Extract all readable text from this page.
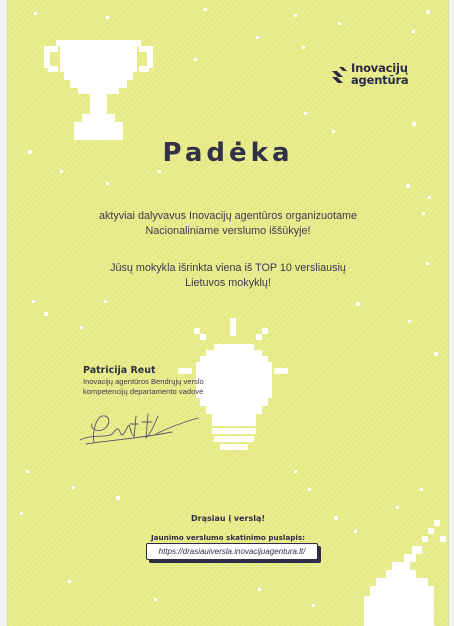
Inovacijų
agentūra
Padėka
aktyviai dalyvavus Inovacijų agentūros organizuotame
Nacionaliniame verslumo iššūkyje!
Jūsų mokykla išrinkta viena iš TOP 10 versliausių
Lietuvos mokyklų!
Patricija Reut
Inovacijų agentūros Bendrųjų verslo
kompetencijų departamento vadovė
Drąsiau į verslą!
Jaunimo verslumo skatinimo puslapis:
https://drasiauiversla.inovacijuagentura.lt/
